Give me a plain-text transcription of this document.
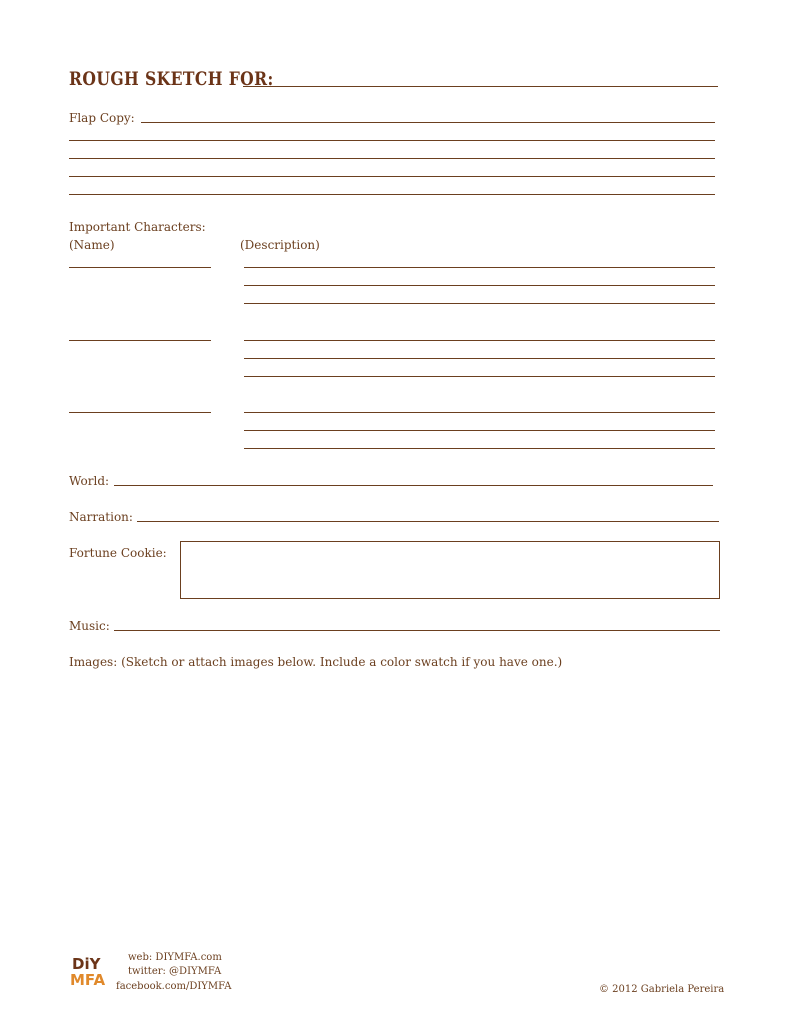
ROUGH SKETCH FOR:
Flap Copy:
Important Characters:
(Name)	(Description)
World:
Narration:
Fortune Cookie:
Music:
Images: (Sketch or attach images below. Include a color swatch if you have one.)
DiY
MFA
web: DIYMFA.com
twitter: @DIYMFA
facebook.com/DIYMFA	© 2012 Gabriela Pereira
